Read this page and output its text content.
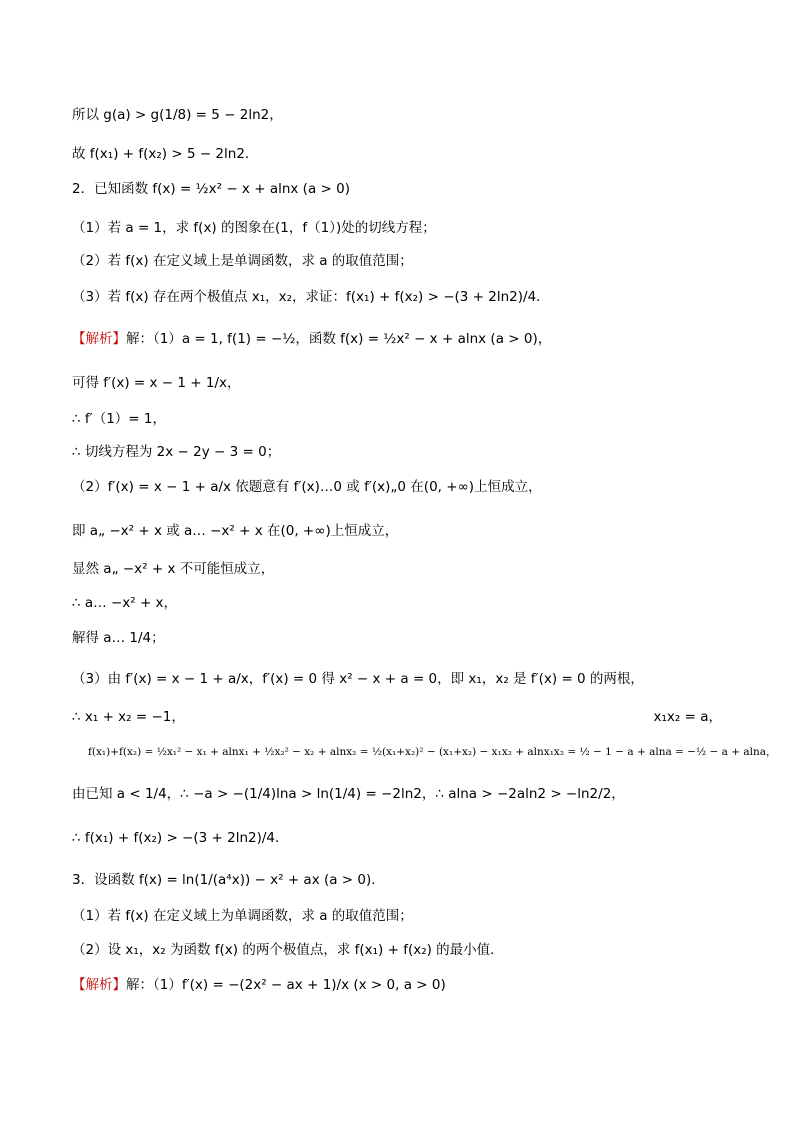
所以 g(a) > g(1/8) = 5 − 2ln2，
故 f(x₁) + f(x₂) > 5 − 2ln2．
2．已知函数 f(x) = ½x² − x + alnx (a > 0)
（1）若 a = 1，求 f(x) 的图象在(1，f（1）)处的切线方程；
（2）若 f(x) 在定义域上是单调函数，求 a 的取值范围；
（3）若 f(x) 存在两个极值点 x₁，x₂，求证：f(x₁) + f(x₂) > −(3 + 2ln2)/4．
【解析】解：（1）a = 1, f(1) = −½，函数 f(x) = ½x² − x + alnx (a > 0)，
可得 f′(x) = x − 1 + 1/x，
∴ f′（1）= 1，
∴ 切线方程为 2x − 2y − 3 = 0；
（2）f′(x) = x − 1 + a/x 依题意有 f′(x)…0 或 f′(x)„0 在(0, +∞)上恒成立，
即 a„ −x² + x 或 a… −x² + x 在(0, +∞)上恒成立，
显然 a„ −x² + x 不可能恒成立，
∴ a… −x² + x，
解得 a… 1/4；
（3）由 f′(x) = x − 1 + a/x，f′(x) = 0 得 x² − x + a = 0，即 x₁，x₂ 是 f′(x) = 0 的两根，
∴ x₁ + x₂ = −1，	x₁x₂ = a，
f(x₁)+f(x₂) = ½x₁² − x₁ + alnx₁ + ½x₂² − x₂ + alnx₂ = ½(x₁+x₂)² − (x₁+x₂) − x₁x₂ + alnx₁x₂ = ½ − 1 − a + alna = −½ − a + alna，
由已知 a < 1/4，∴ −a > −(1/4)lna > ln(1/4) = −2ln2，∴ alna > −2aln2 > −ln2/2，
∴ f(x₁) + f(x₂) > −(3 + 2ln2)/4．
3．设函数 f(x) = ln(1/(a⁴x)) − x² + ax (a > 0)．
（1）若 f(x) 在定义域上为单调函数，求 a 的取值范围；
（2）设 x₁，x₂ 为函数 f(x) 的两个极值点，求 f(x₁) + f(x₂) 的最小值．
【解析】解：（1）f′(x) = −(2x² − ax + 1)/x (x > 0, a > 0)
